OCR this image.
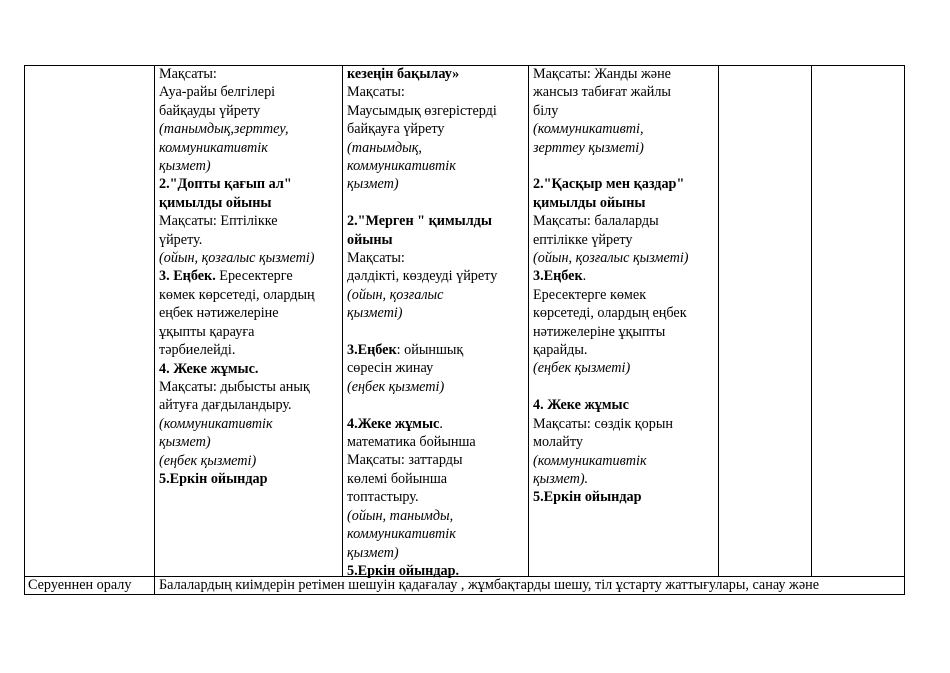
Мақсаты:
Ауа-райы белгілері
байқауды үйрету
(танымдық,зерттеу,
коммуникативтік
қызмет)
2."Допты қағып ал"
қимылды ойыны
Мақсаты: Ептілікке
үйрету.
(ойын, қозғалыс қызметі)
3. Еңбек. Ересектерге
көмек көрсетеді, олардың
еңбек нәтижелеріне
ұқыпты қарауға
тәрбиелейді.
4. Жеке жұмыс.
Мақсаты: дыбысты анық
айтуға дағдыландыру.
(коммуникативтік
қызмет)
(еңбек қызметі)
5.Еркін ойындар
кезеңін бақылау»
Мақсаты:
Маусымдық өзгерістерді
байқауға үйрету
(танымдық,
коммуникативтік
қызмет)
2."Мерген " қимылды
ойыны
Мақсаты:
дәлдікті, көздеуді үйрету
(ойын, қозғалыс
қызметі)
3.Еңбек: ойыншық
сөресін жинау
(еңбек қызметі)
4.Жеке жұмыс.
математика бойынша
Мақсаты: заттарды
көлемі бойынша
топтастыру.
(ойын, танымды,
коммуникативтік
қызмет)
5.Еркін ойындар.
Мақсаты: Жанды және
жансыз табиғат жайлы
білу
(коммуникативті,
зерттеу қызметі)
2."Қасқыр мен қаздар"
қимылды ойыны
Мақсаты: балаларды
ептілікке үйрету
(ойын, қозғалыс қызметі)
3.Еңбек.
Ересектерге көмек
көрсетеді, олардың еңбек
нәтижелеріне ұқыпты
қарайды.
(еңбек қызметі)
4. Жеке жұмыс
Мақсаты: сөздік қорын
молайту
(коммуникативтік
қызмет).
5.Еркін ойындар
Серуеннен оралу Балалардың киімдерін ретімен шешуін қадағалау , жұмбақтарды шешу, тіл ұстарту жаттығулары, санау және
